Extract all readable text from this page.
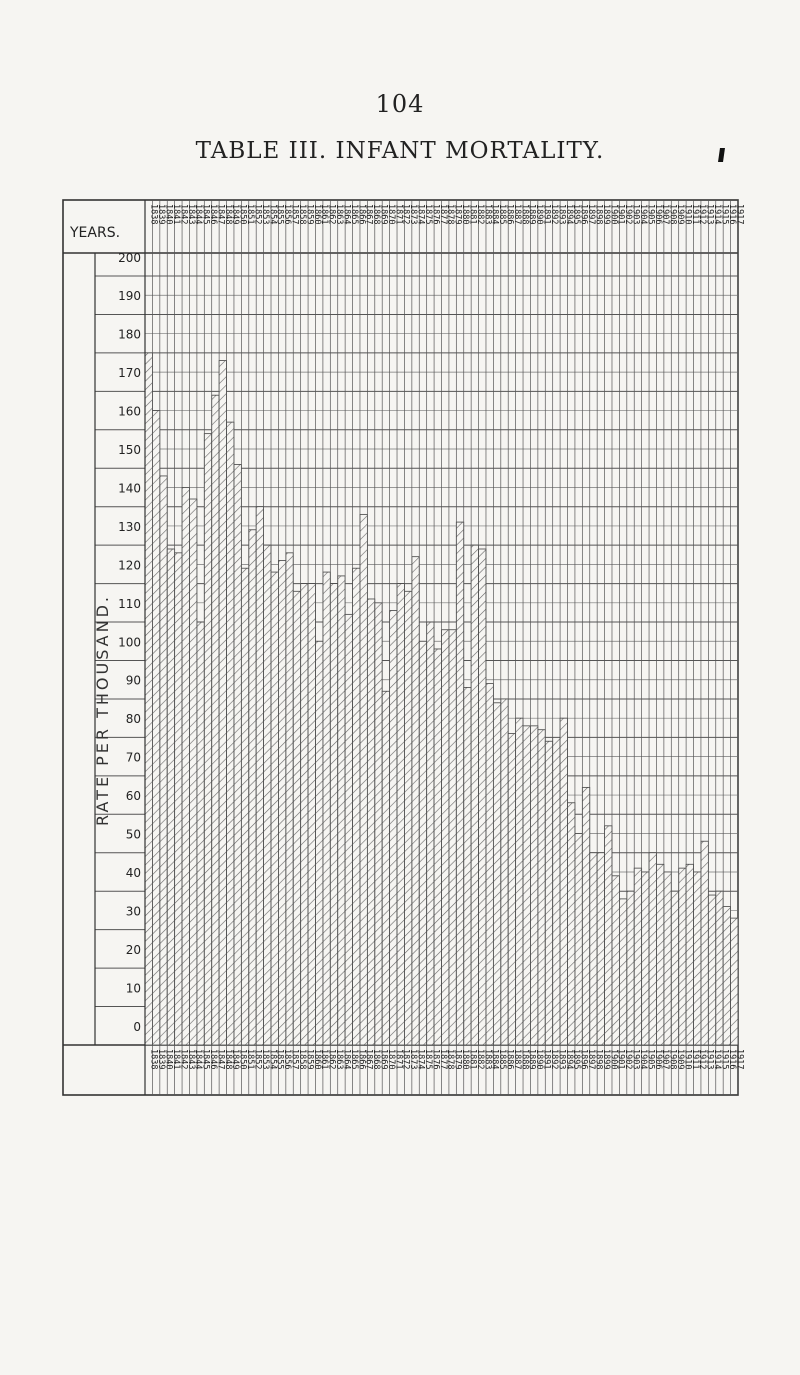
104
TABLE III. INFANT MORTALITY.
200
190
180
170
160
150
140
130
120
110
100
90
80
70
60
50
40
30
20
10
0
1838
1839
1840
1841
1842
1843
1844
1845
1846
1847
1848
1849
1850
1851
1852
1853
1854
1855
1856
1857
1858
1859
1860
1861
1862
1863
1864
1865
1866
1867
1868
1869
1870
1871
1872
1873
1874
1875
1876
1877
1878
1879
1880
1881
1882
1883
1884
1885
1886
1887
1888
1889
1890
1891
1892
1893
1894
1895
1896
1897
1898
1899
1900
1901
1902
1903
1904
1905
1906
1907
1908
1909
1910
1911
1912
1913
1914
1915
1916
1917
1838
1839
1840
1841
1842
1843
1844
1845
1846
1847
1848
1849
1850
1851
1852
1853
1854
1855
1856
1857
1858
1859
1860
1861
1862
1863
1864
1865
1866
1867
1868
1869
1870
1871
1872
1873
1874
1875
1876
1877
1878
1879
1880
1881
1882
1883
1884
1885
1886
1887
1888
1889
1890
1891
1892
1893
1894
1895
1896
1897
1898
1899
1900
1901
1902
1903
1904
1905
1906
1907
1908
1909
1910
1911
1912
1913
1914
1915
1916
1917
YEARS.
RATE PER THOUSAND.
